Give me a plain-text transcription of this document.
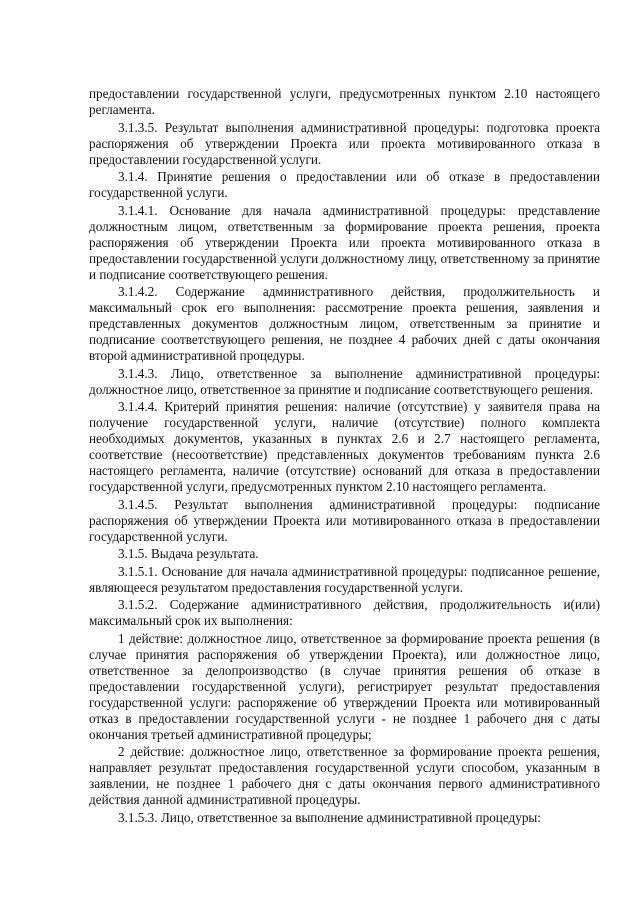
предоставлении государственной услуги, предусмотренных пунктом 2.10 настоящего регламента.

3.1.3.5. Результат выполнения административной процедуры: подготовка проекта распоряжения об утверждении Проекта или проекта мотивированного отказа в предоставлении государственной услуги.

3.1.4. Принятие решения о предоставлении или об отказе в предоставлении государственной услуги.

3.1.4.1. Основание для начала административной процедуры: представление должностным лицом, ответственным за формирование проекта решения, проекта распоряжения об утверждении Проекта или проекта мотивированного отказа в предоставлении государственной услуги должностному лицу, ответственному за принятие и подписание соответствующего решения.

3.1.4.2. Содержание административного действия, продолжительность и максимальный срок его выполнения: рассмотрение проекта решения, заявления и представленных документов должностным лицом, ответственным за принятие и подписание соответствующего решения, не позднее 4 рабочих дней с даты окончания второй административной процедуры.

3.1.4.3. Лицо, ответственное за выполнение административной процедуры: должностное лицо, ответственное за принятие и подписание соответствующего решения.

3.1.4.4. Критерий принятия решения: наличие (отсутствие) у заявителя права на получение государственной услуги, наличие (отсутствие) полного комплекта необходимых документов, указанных в пунктах 2.6 и 2.7 настоящего регламента, соответствие (несоответствие) представленных документов требованиям пункта 2.6 настоящего регламента, наличие (отсутствие) оснований для отказа в предоставлении государственной услуги, предусмотренных пунктом 2.10 настоящего регламента.

3.1.4.5. Результат выполнения административной процедуры: подписание распоряжения об утверждении Проекта или мотивированного отказа в предоставлении государственной услуги.

3.1.5. Выдача результата.

3.1.5.1. Основание для начала административной процедуры: подписанное решение, являющееся результатом предоставления государственной услуги.

3.1.5.2. Содержание административного действия, продолжительность и(или) максимальный срок их выполнения:

1 действие: должностное лицо, ответственное за формирование проекта решения (в случае принятия распоряжения об утверждении Проекта), или должностное лицо, ответственное за делопроизводство (в случае принятия решения об отказе в предоставлении государственной услуги), регистрирует результат предоставления государственной услуги: распоряжение об утверждении Проекта или мотивированный отказ в предоставлении государственной услуги - не позднее 1 рабочего дня с даты окончания третьей административной процедуры;

2 действие: должностное лицо, ответственное за формирование проекта решения, направляет результат предоставления государственной услуги способом, указанным в заявлении, не позднее 1 рабочего дня с даты окончания первого административного действия данной административной процедуры.

3.1.5.3. Лицо, ответственное за выполнение административной процедуры:
